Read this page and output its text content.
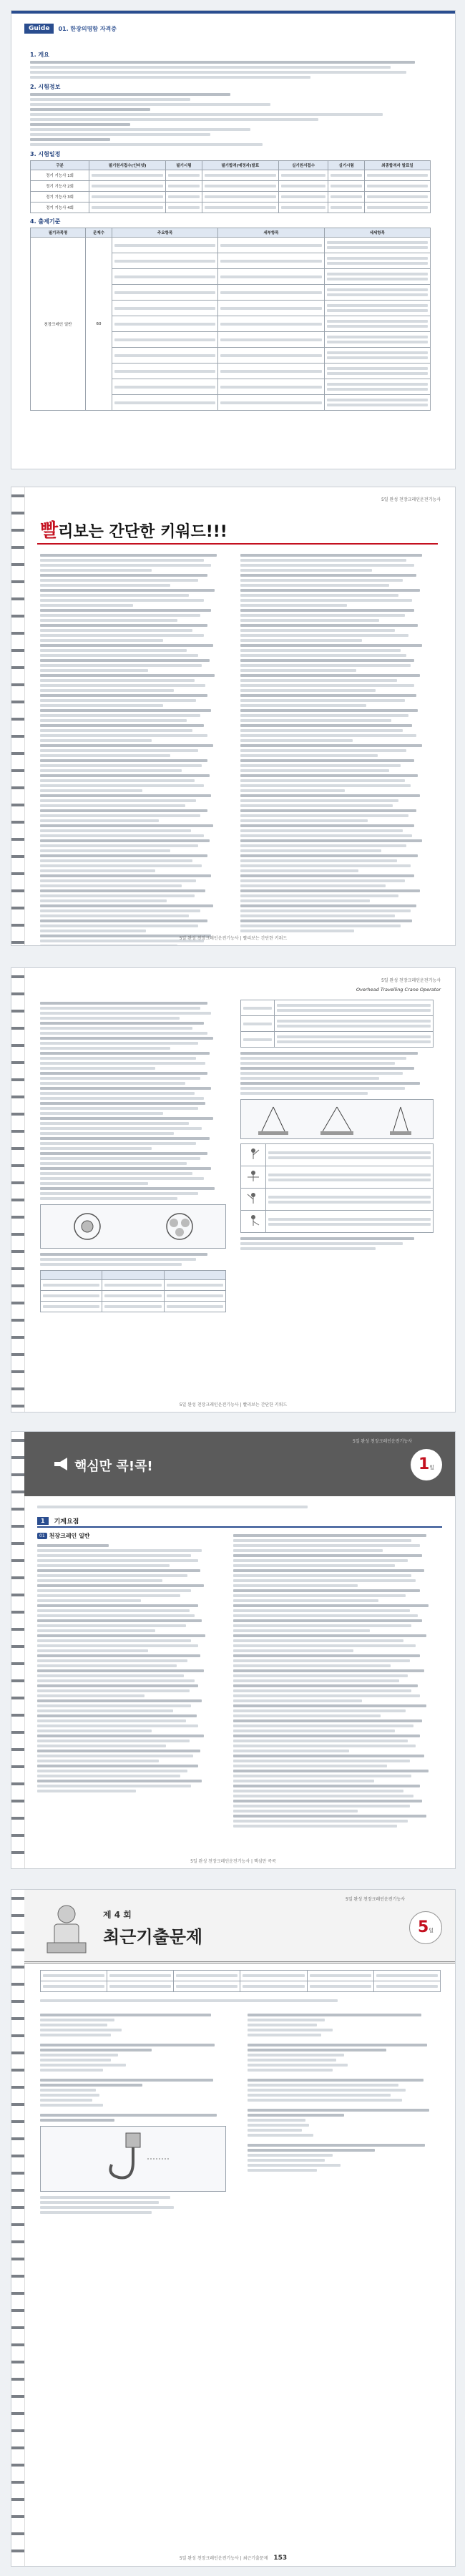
Guide	01. 한장의명함 자격증
1. 개요
2. 시험정보
3. 시험일정
구분	필기원서접수(인터넷)	필기시험	필기합격(예정자)발표	실기원서접수	실기시험	최종합격자 발표일
정기 기능사 1회	

정기 기능사 2회	

정기 기능사 3회	

정기 기능사 4회	

4. 출제기준
필기과목명	문제수	주요항목	세부항목	세세항목
천장크레인 일반	60	

5일 완성 천장크레인운전기능사
빨리보는 간단한 키워드!!!
5일 완성 천장크레인운전기능사 | 빨리보는 간단한 키워드
5일 완성 천장크레인운전기능사
Overhead Travelling Crane Operator

5일 완성 천장크레인운전기능사 | 빨리보는 간단한 키워드
5일 완성 천장크레인운전기능사
핵심만 콕!콕!	1일
1	기계요점
01 천장크레인 일반
5일 완성 천장크레인운전기능사 | 핵심만 콕콕
5일 완성 천장크레인운전기능사
제 4 회
최근기출문제	5일

5일 완성 천장크레인운전기능사 | 최근기출문제 153
